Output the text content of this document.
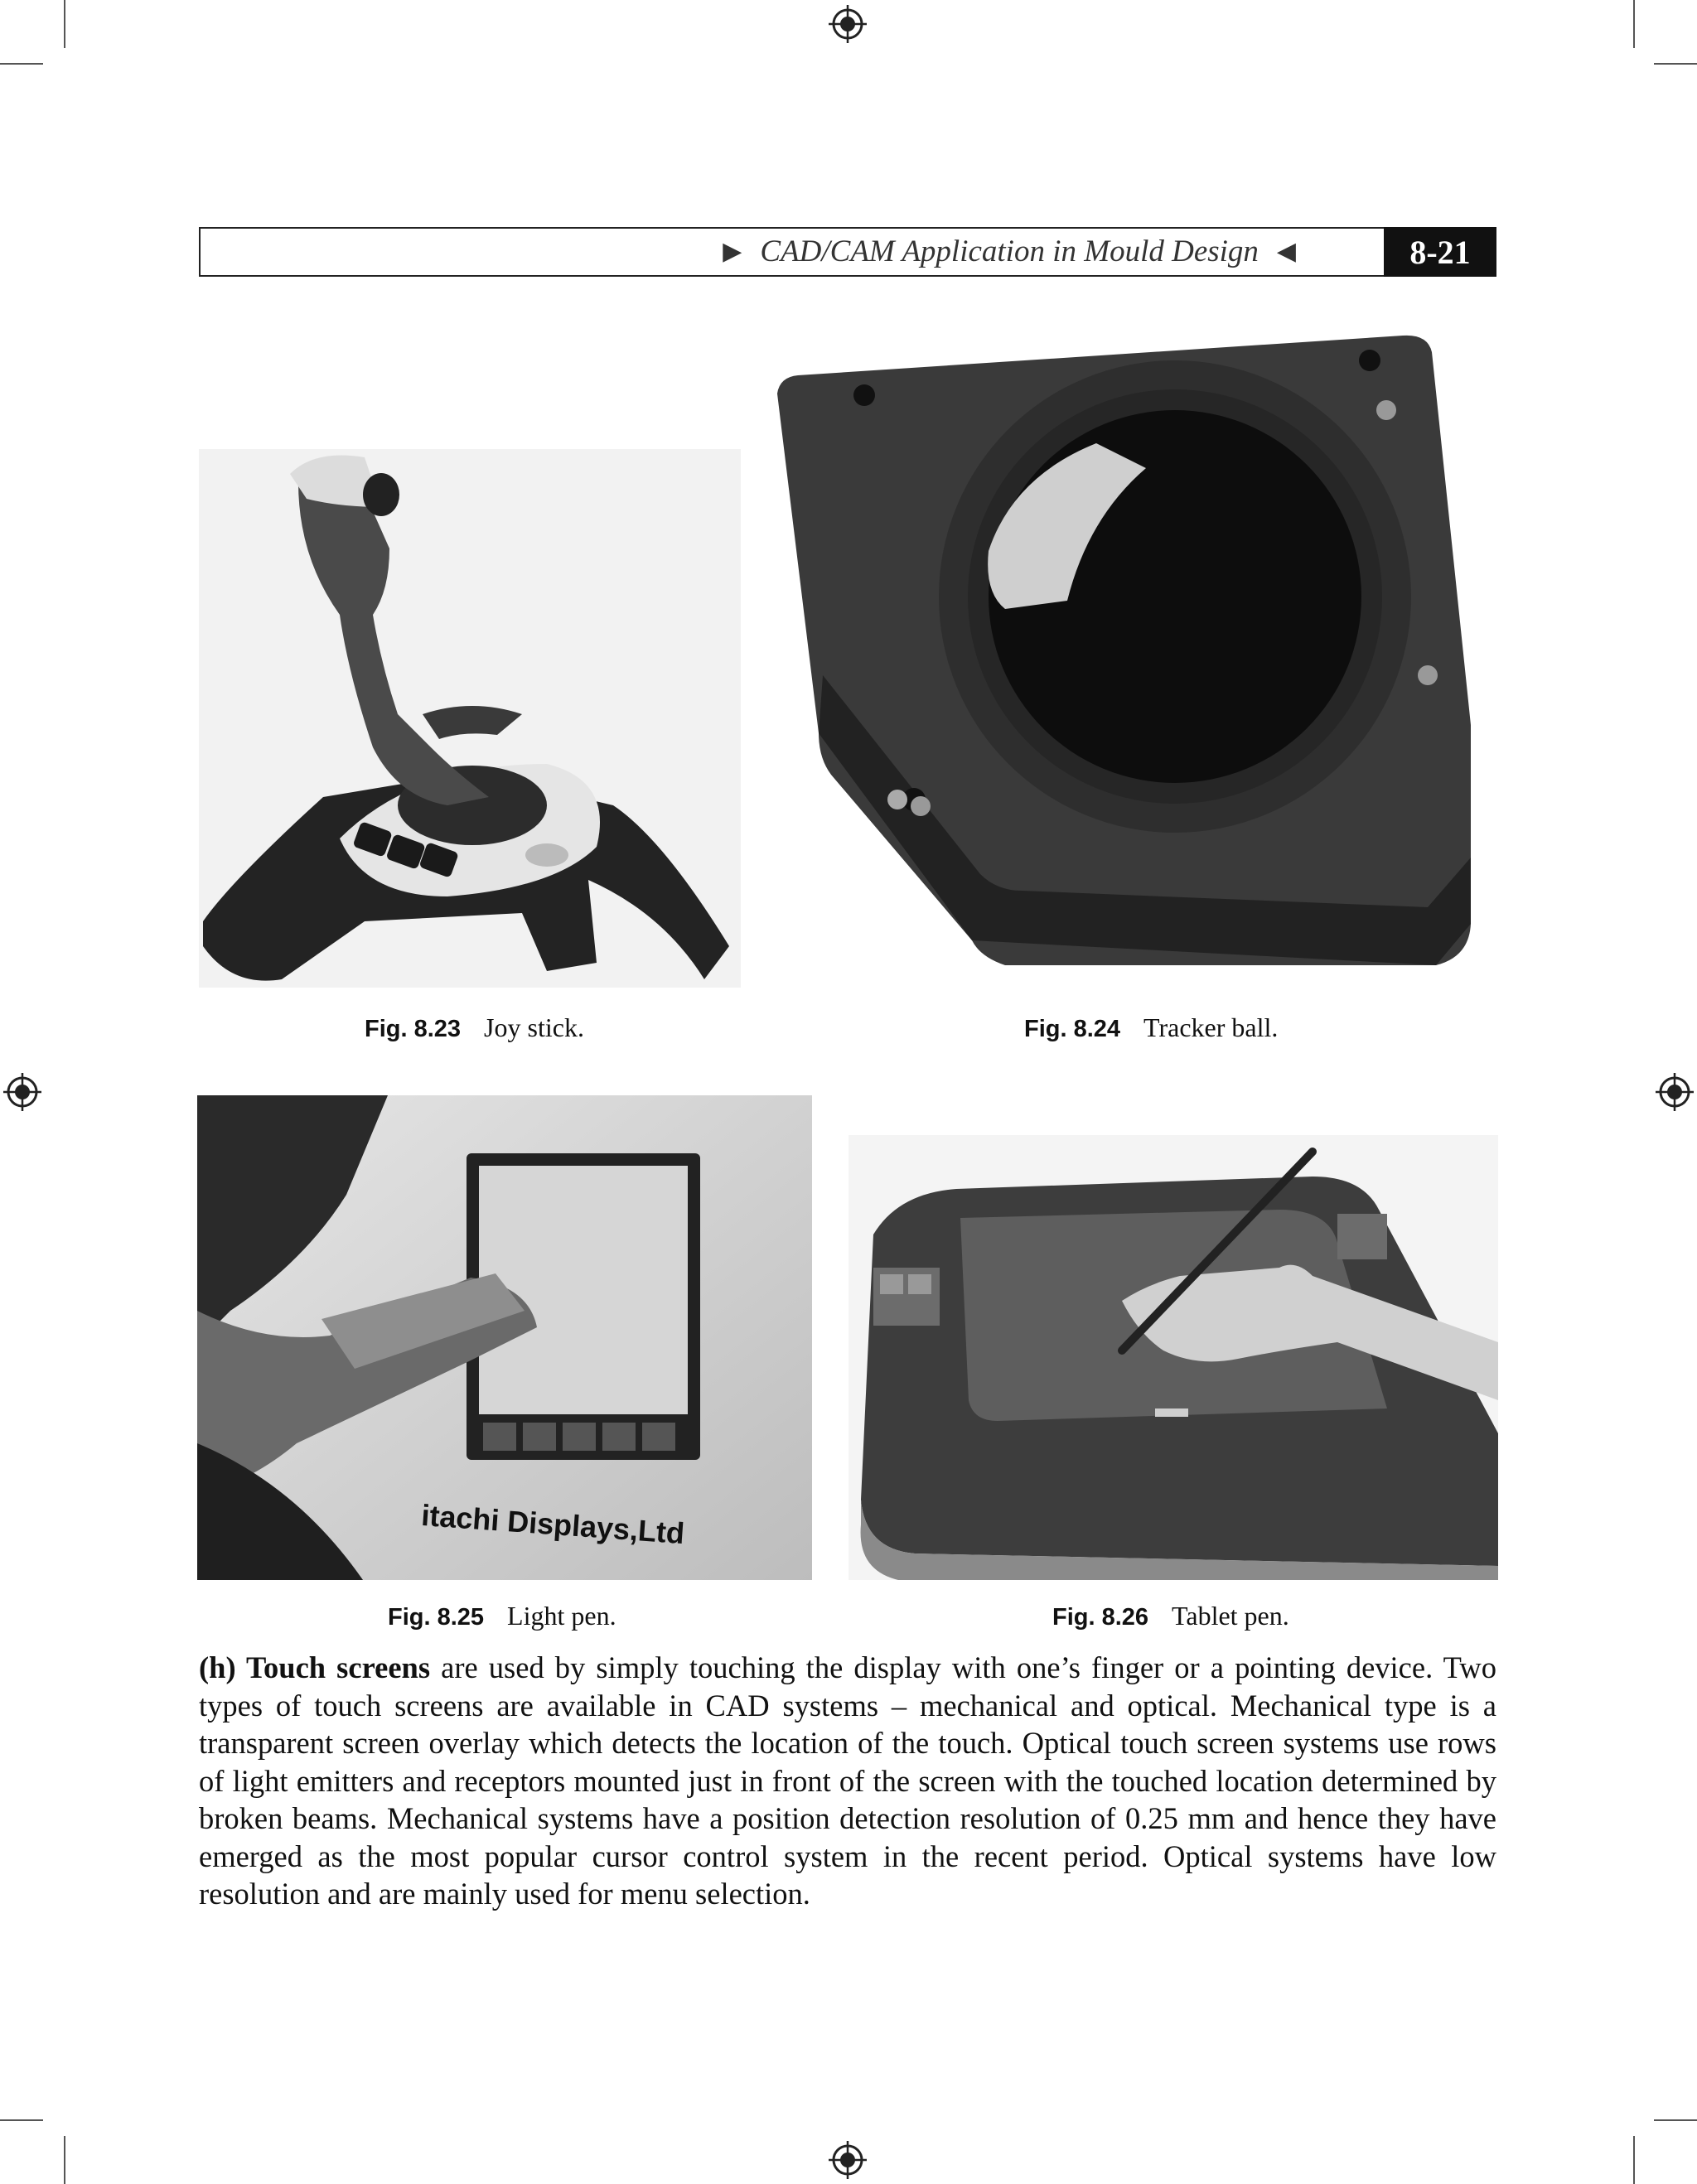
▶ CAD/CAM Application in Mould Design ◀	8-21
Fig. 8.23 Joy stick.	Fig. 8.24 Tracker ball.
itachi Displays,Ltd
Fig. 8.25 Light pen.	Fig. 8.26 Tablet pen.
(h) Touch screens are used by simply touching the display with one’s finger or a pointing device. Two types of touch screens are available in CAD systems – mechanical and optical. Mechanical type is a transparent screen overlay which detects the location of the touch. Optical touch screen systems use rows of light emitters and receptors mounted just in front of the screen with the touched location determined by broken beams. Mechanical systems have a position detection resolution of 0.25 mm and hence they have emerged as the most popular cursor control system in the recent period. Optical systems have low resolution and are mainly used for menu selection.
